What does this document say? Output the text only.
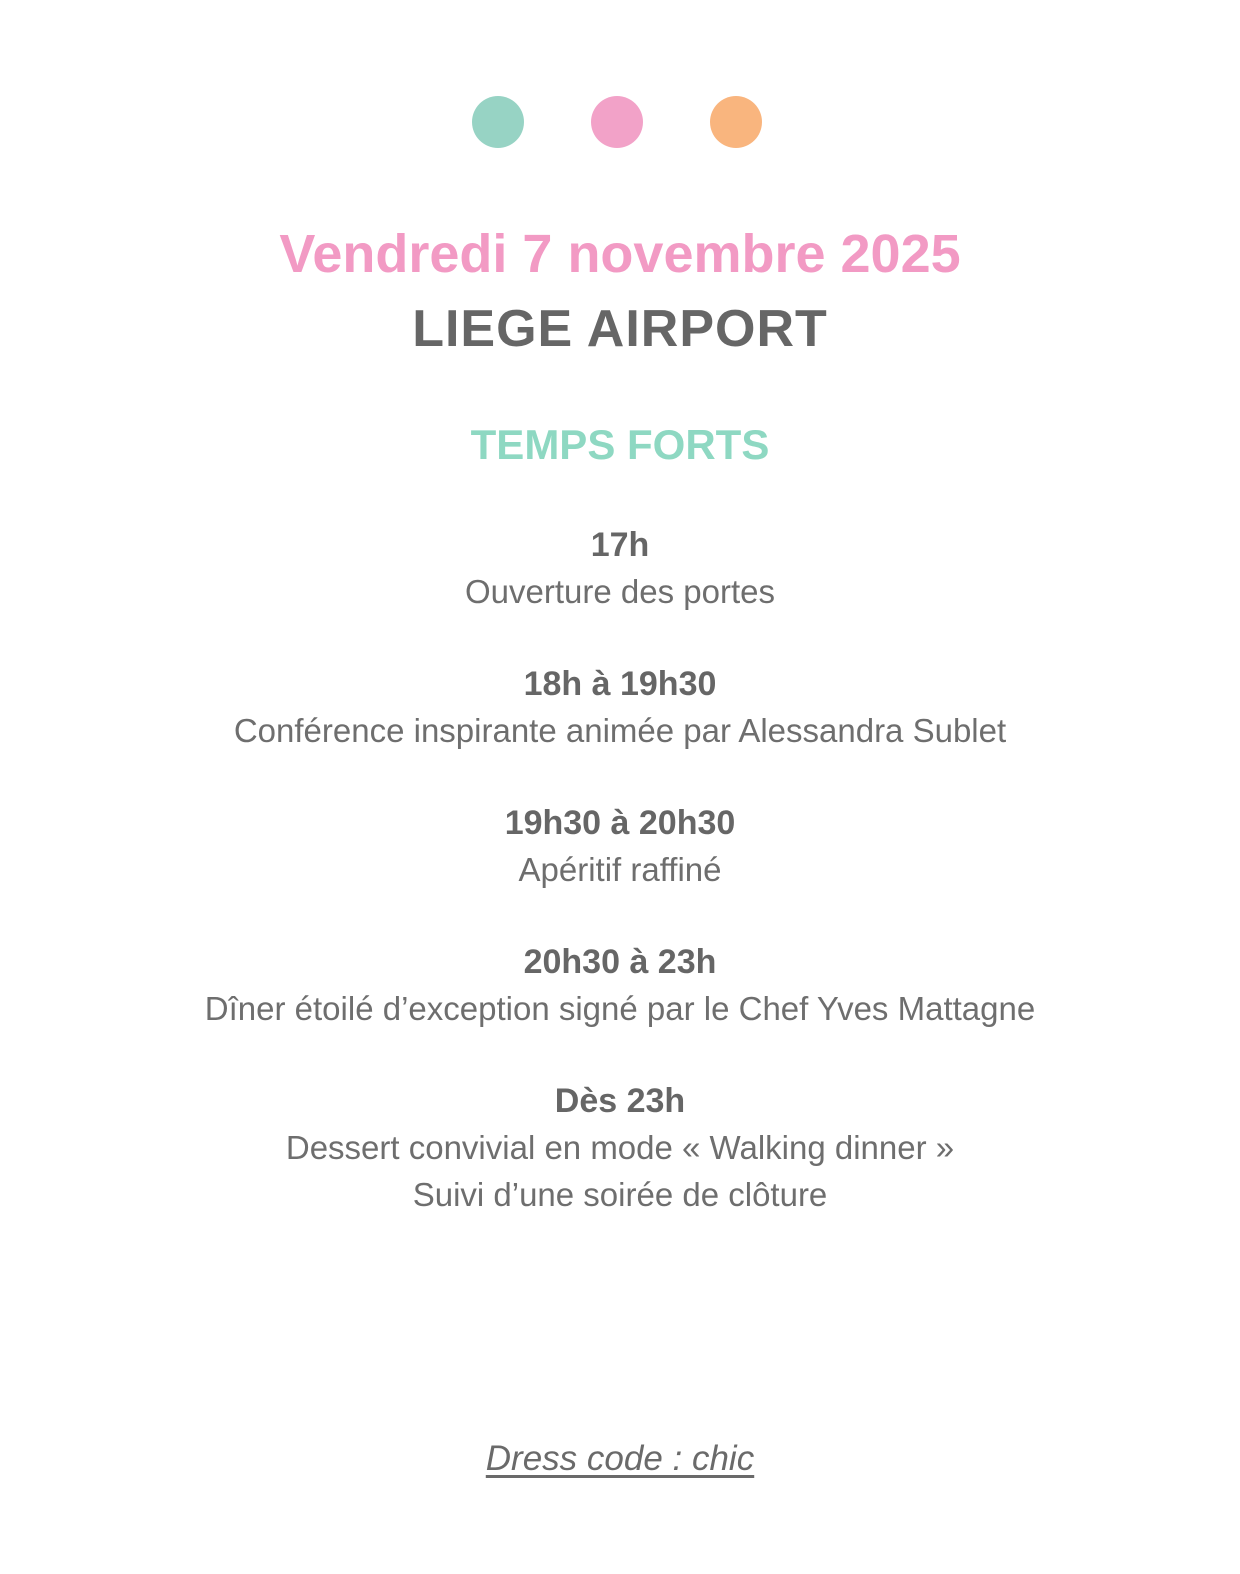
Vendredi 7 novembre 2025
LIEGE AIRPORT
TEMPS FORTS
17h
Ouverture des portes
18h à 19h30
Conférence inspirante animée par Alessandra Sublet
19h30 à 20h30
Apéritif raffiné
20h30 à 23h
Dîner étoilé d’exception signé par le Chef Yves Mattagne
Dès 23h
Dessert convivial en mode « Walking dinner »
Suivi d’une soirée de clôture
Dress code : chic
